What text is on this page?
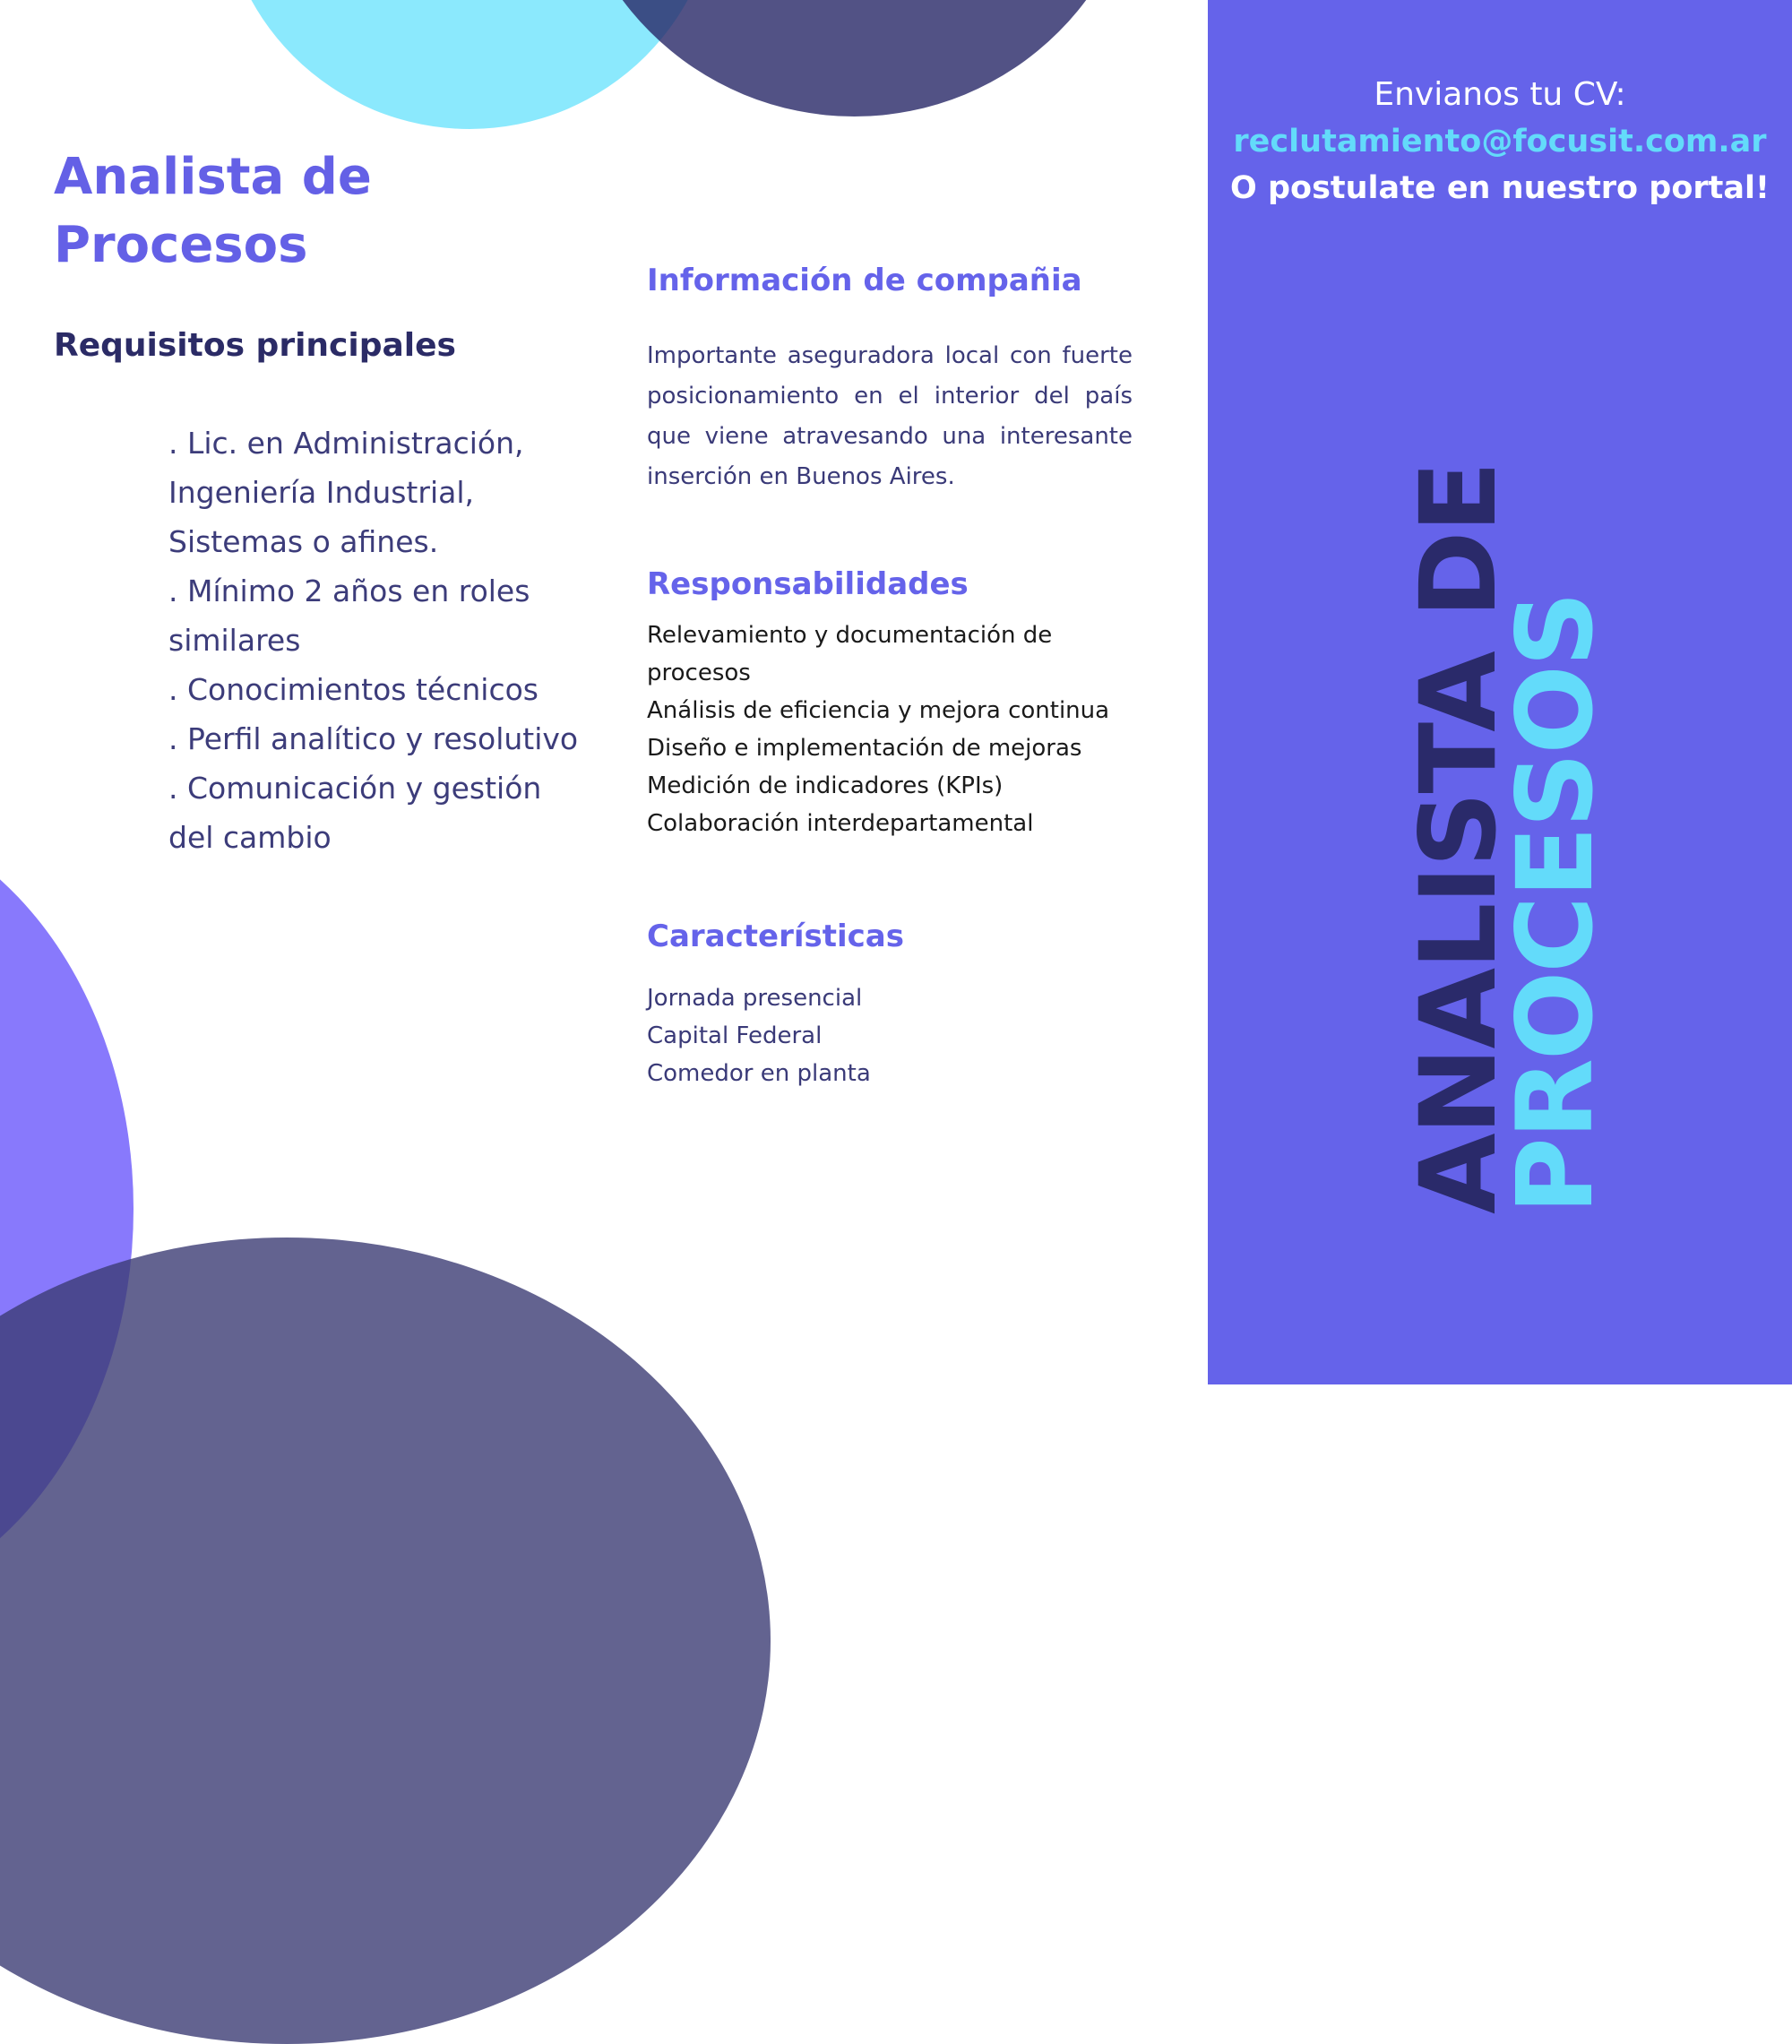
Envianos tu CV:
reclutamiento@focusit.com.ar
O postulate en nuestro portal!
ANALISTA DE
PROCESOS
Analista de
Procesos
Requisitos principales
. Lic. en Administración, Ingeniería Industrial, Sistemas o afines.
. Mínimo 2 años en roles similares
. Conocimientos técnicos
. Perfil analítico y resolutivo
. Comunicación y gestión del cambio
Información de compañia

Importante aseguradora local con fuerte posicionamiento en el interior del país que viene atravesando una interesante inserción en Buenos Aires.

Responsabilidades
Relevamiento y documentación de procesos
Análisis de eficiencia y mejora continua
Diseño e implementación de mejoras
Medición de indicadores (KPIs)
Colaboración interdepartamental
Características
Jornada presencial
Capital Federal
Comedor en planta
